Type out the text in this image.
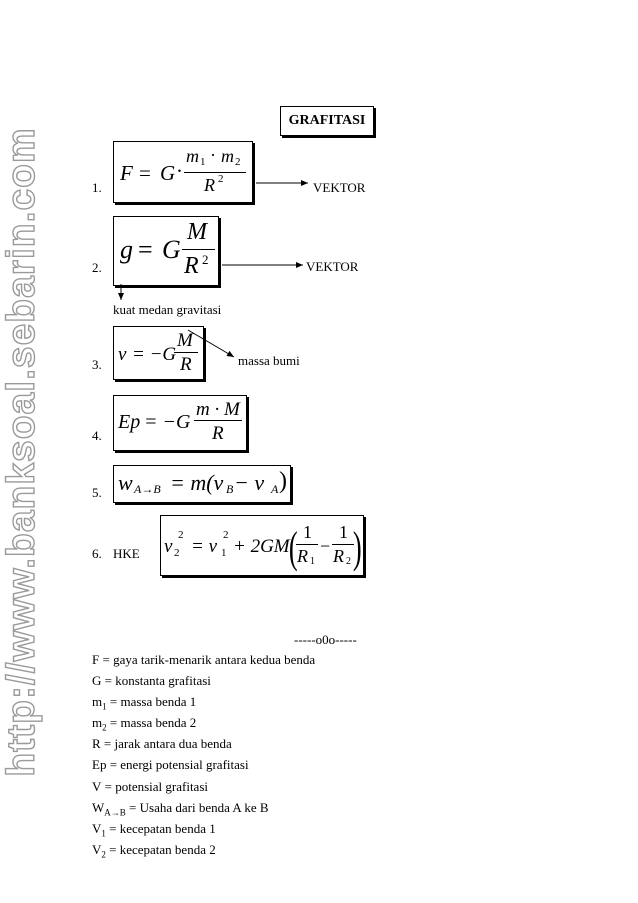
http://www.banksoal.sebarin.com
GRAFITASI
1.
2.
3.
4.
5.
6. HKE
F = G ·
m 1 · m 2
R 2
g = G
M
R 2
v = −G
M
R
Ep = −G
m · M
R
w A→B = m(v B − v A )
v 2
2
= v 1
2
+ 2GM ( 1
R 1
−
1
R 2 )
VEKTOR
VEKTOR
kuat medan gravitasi
massa bumi
-----o0o-----
F = gaya tarik-menarik antara kedua benda
G = konstanta grafitasi
$m_1$ = massa benda 1
$m_2$ = massa benda 2
R = jarak antara dua benda
Ep = energi potensial grafitasi
V = potensial grafitasi
$W_{A\to B}$ = Usaha dari benda A ke B
$V_1$ = kecepatan benda 1
$V_2$ = kecepatan benda 2
